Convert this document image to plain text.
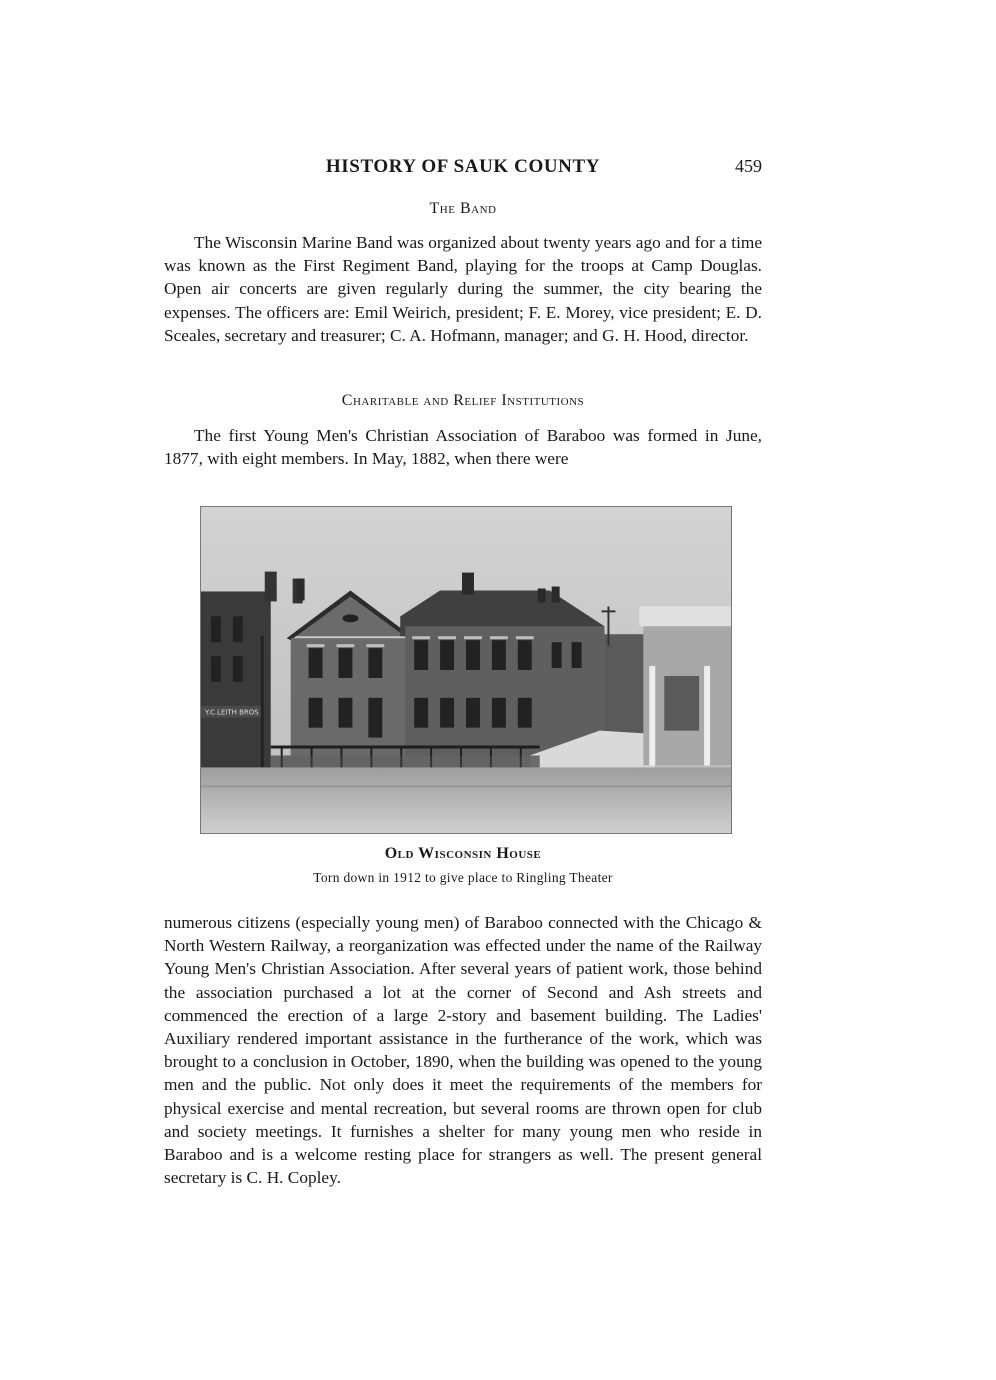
HISTORY OF SAUK COUNTY	459
The Band

The Wisconsin Marine Band was organized about twenty years ago and for a time was known as the First Regiment Band, playing for the troops at Camp Douglas. Open air concerts are given regularly during the summer, the city bearing the expenses. The officers are: Emil Weirich, president; F. E. Morey, vice president; E. D. Sceales, secretary and treasurer; C. A. Hofmann, manager; and G. H. Hood, director.

Charitable and Relief Institutions

The first Young Men's Christian Association of Baraboo was formed in June, 1877, with eight members. In May, 1882, when there were

Y.C.LEITH BROS
Old Wisconsin House
Torn down in 1912 to give place to Ringling Theater

numerous citizens (especially young men) of Baraboo connected with the Chicago & North Western Railway, a reorganization was effected under the name of the Railway Young Men's Christian Association. After several years of patient work, those behind the association purchased a lot at the corner of Second and Ash streets and commenced the erection of a large 2-story and basement building. The Ladies' Auxiliary rendered important assistance in the furtherance of the work, which was brought to a conclusion in October, 1890, when the building was opened to the young men and the public. Not only does it meet the requirements of the members for physical exercise and mental recreation, but several rooms are thrown open for club and society meetings. It furnishes a shelter for many young men who reside in Baraboo and is a welcome resting place for strangers as well. The present general secretary is C. H. Copley.
